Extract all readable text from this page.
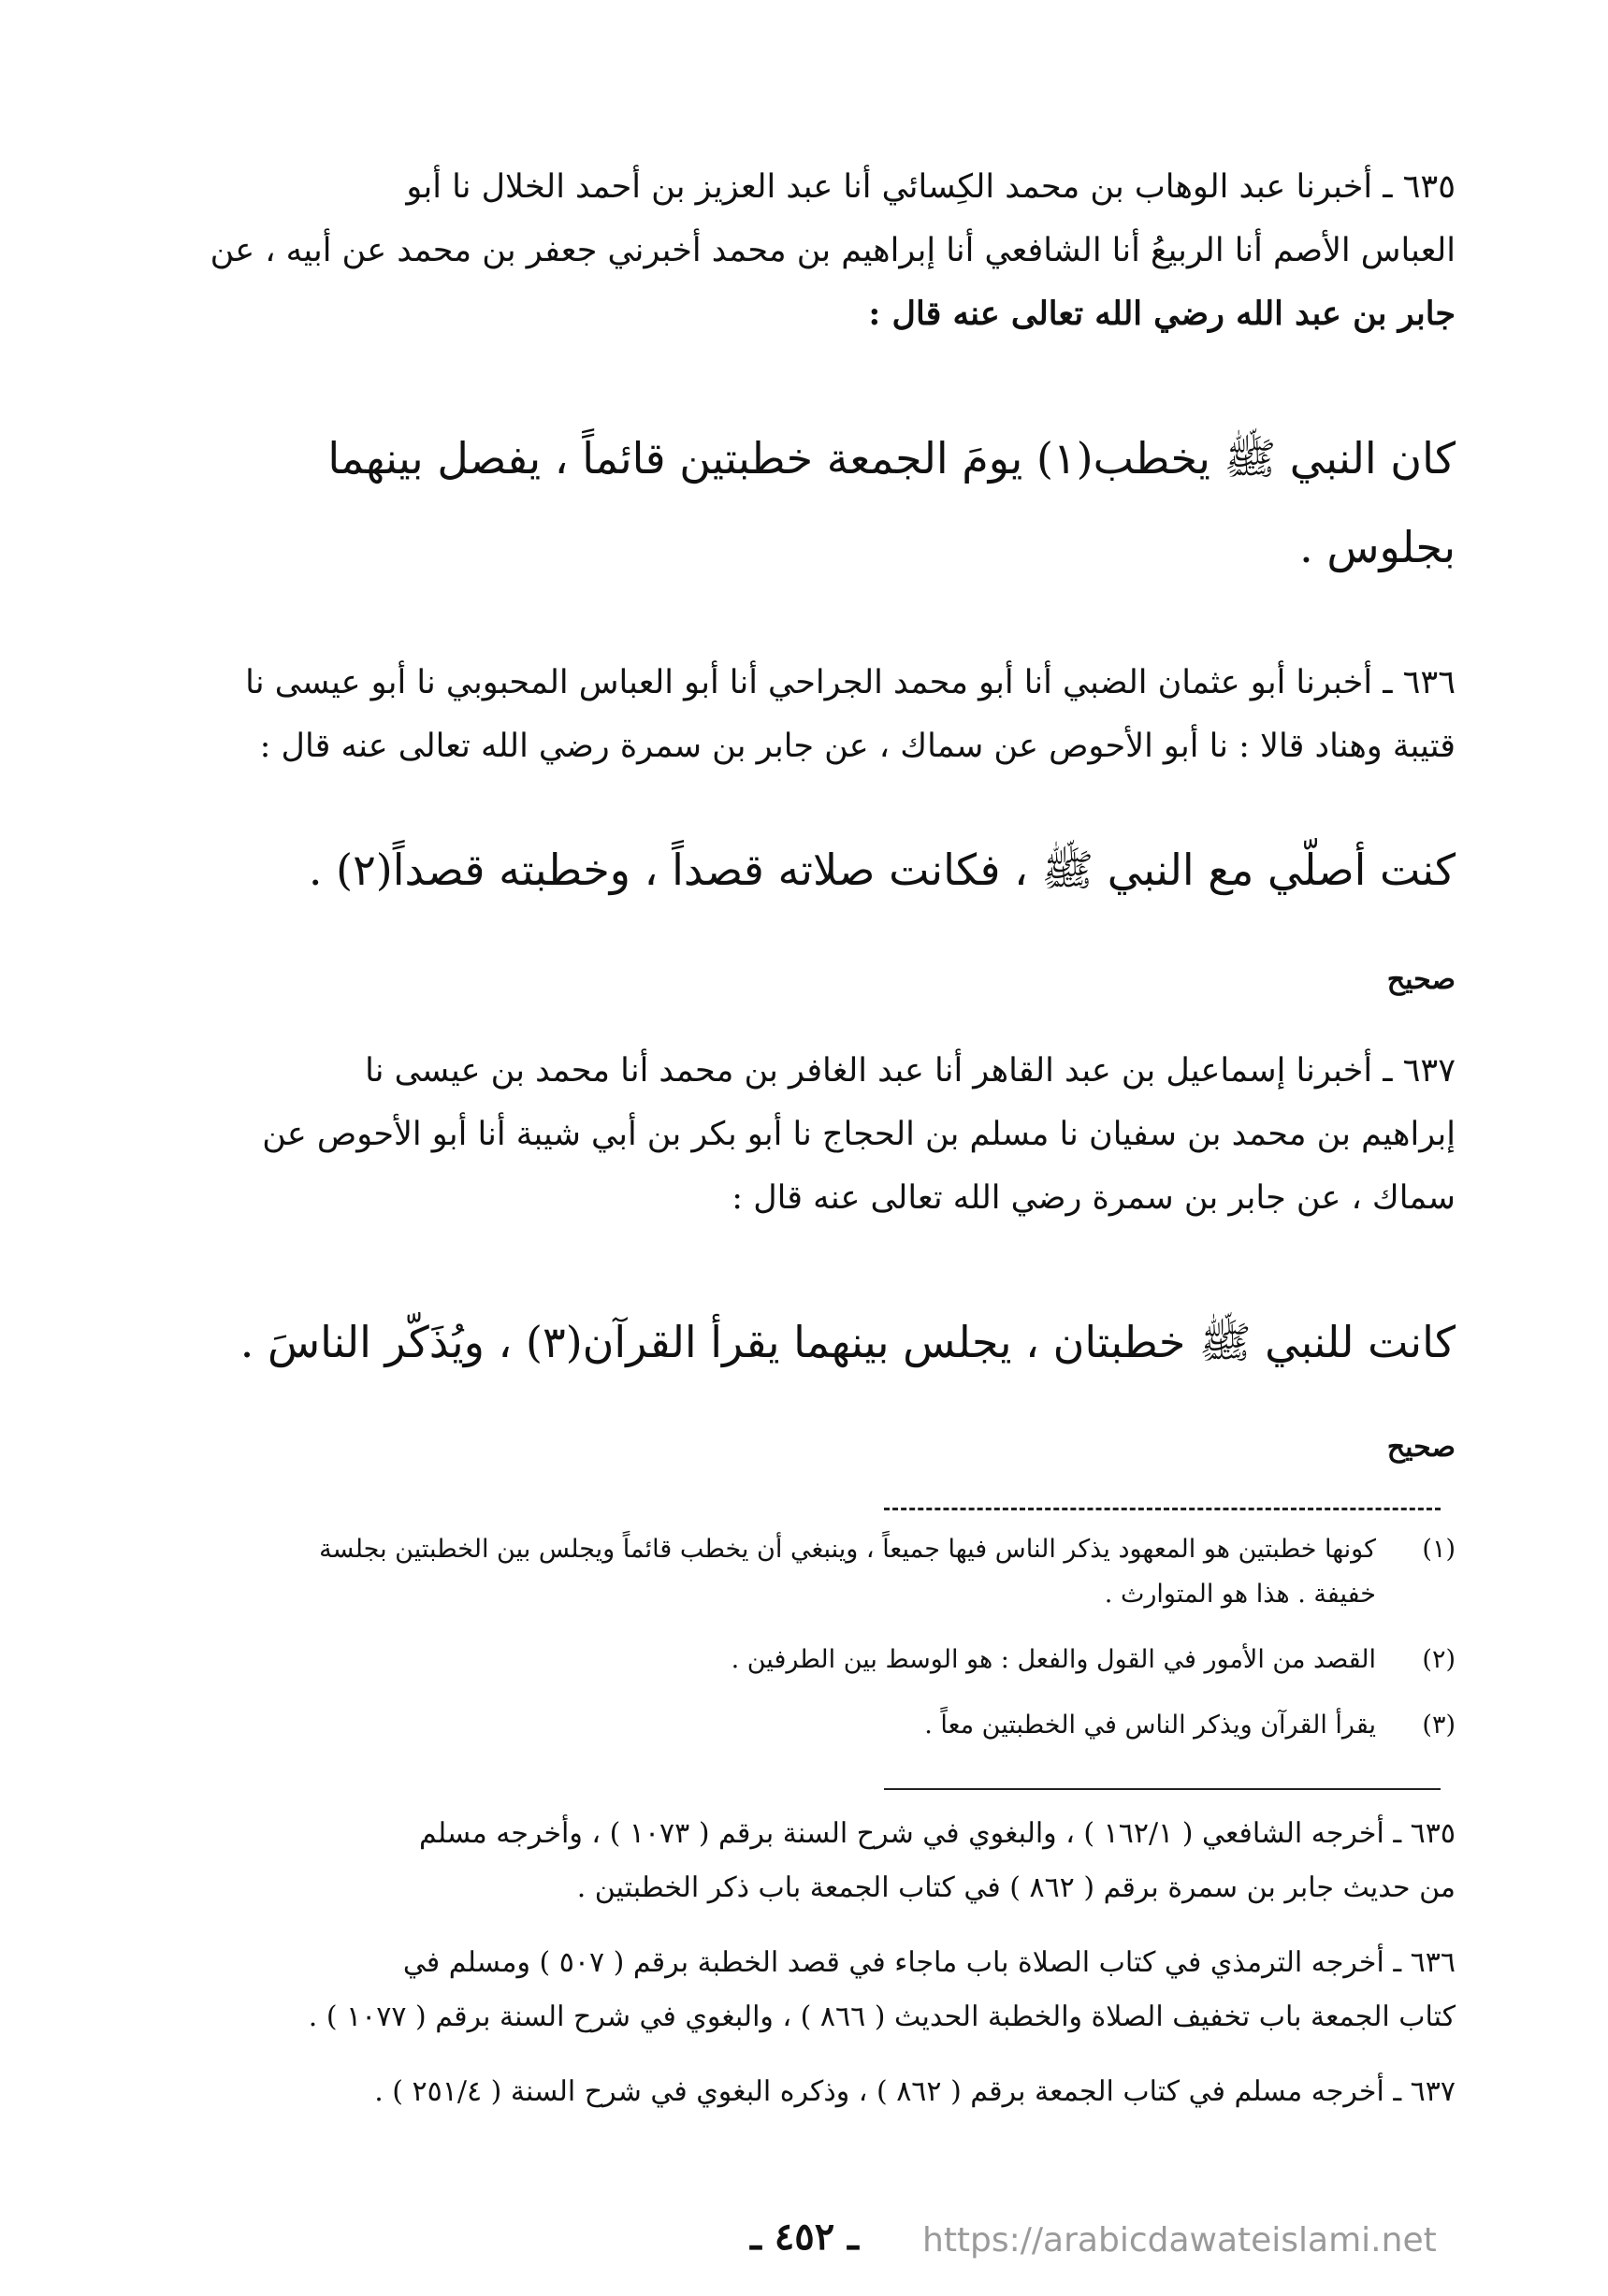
٦٣٥ ـ أخبرنا عبد الوهاب بن محمد الكِسائي أنا عبد العزيز بن أحمد الخلال نا أبو
العباس الأصم أنا الربيعُ أنا الشافعي أنا إبراهيم بن محمد أخبرني جعفر بن محمد عن أبيه ، عن
جابر بن عبد الله رضي الله تعالى عنه قال :
كان النبي ﷺ يخطب(١) يومَ الجمعة خطبتين قائماً ، يفصل بينهما
بجلوس .
٦٣٦ ـ أخبرنا أبو عثمان الضبي أنا أبو محمد الجراحي أنا أبو العباس المحبوبي نا أبو عيسى نا
قتيبة وهناد قالا : نا أبو الأحوص عن سماك ، عن جابر بن سمرة رضي الله تعالى عنه قال :
كنت أصلّي مع النبي ﷺ ، فكانت صلاته قصداً ، وخطبته قصداً(٢) .
صحيح
٦٣٧ ـ أخبرنا إسماعيل بن عبد القاهر أنا عبد الغافر بن محمد أنا محمد بن عيسى نا
إبراهيم بن محمد بن سفيان نا مسلم بن الحجاج نا أبو بكر بن أبي شيبة أنا أبو الأحوص عن
سماك ، عن جابر بن سمرة رضي الله تعالى عنه قال :
كانت للنبي ﷺ خطبتان ، يجلس بينهما يقرأ القرآن(٣) ، ويُذَكّر الناسَ .
صحيح
(١)
كونها خطبتين هو المعهود يذكر الناس فيها جميعاً ، وينبغي أن يخطب قائماً ويجلس بين الخطبتين بجلسة
خفيفة . هذا هو المتوارث .
(٢)
القصد من الأمور في القول والفعل : هو الوسط بين الطرفين .
(٣)
يقرأ القرآن ويذكر الناس في الخطبتين معاً .
٦٣٥ ـ أخرجه الشافعي ( ١٦٢/١ ) ، والبغوي في شرح السنة برقم ( ١٠٧٣ ) ، وأخرجه مسلم
من حديث جابر بن سمرة برقم ( ٨٦٢ ) في كتاب الجمعة باب ذكر الخطبتين .
٦٣٦ ـ أخرجه الترمذي في كتاب الصلاة باب ماجاء في قصد الخطبة برقم ( ٥٠٧ ) ومسلم في
كتاب الجمعة باب تخفيف الصلاة والخطبة الحديث ( ٨٦٦ ) ، والبغوي في شرح السنة برقم ( ١٠٧٧ ) .
٦٣٧ ـ أخرجه مسلم في كتاب الجمعة برقم ( ٨٦٢ ) ، وذكره البغوي في شرح السنة ( ٢٥١/٤ ) .
ـ ٤٥٢ ـ	https://arabicdawateislami.net
